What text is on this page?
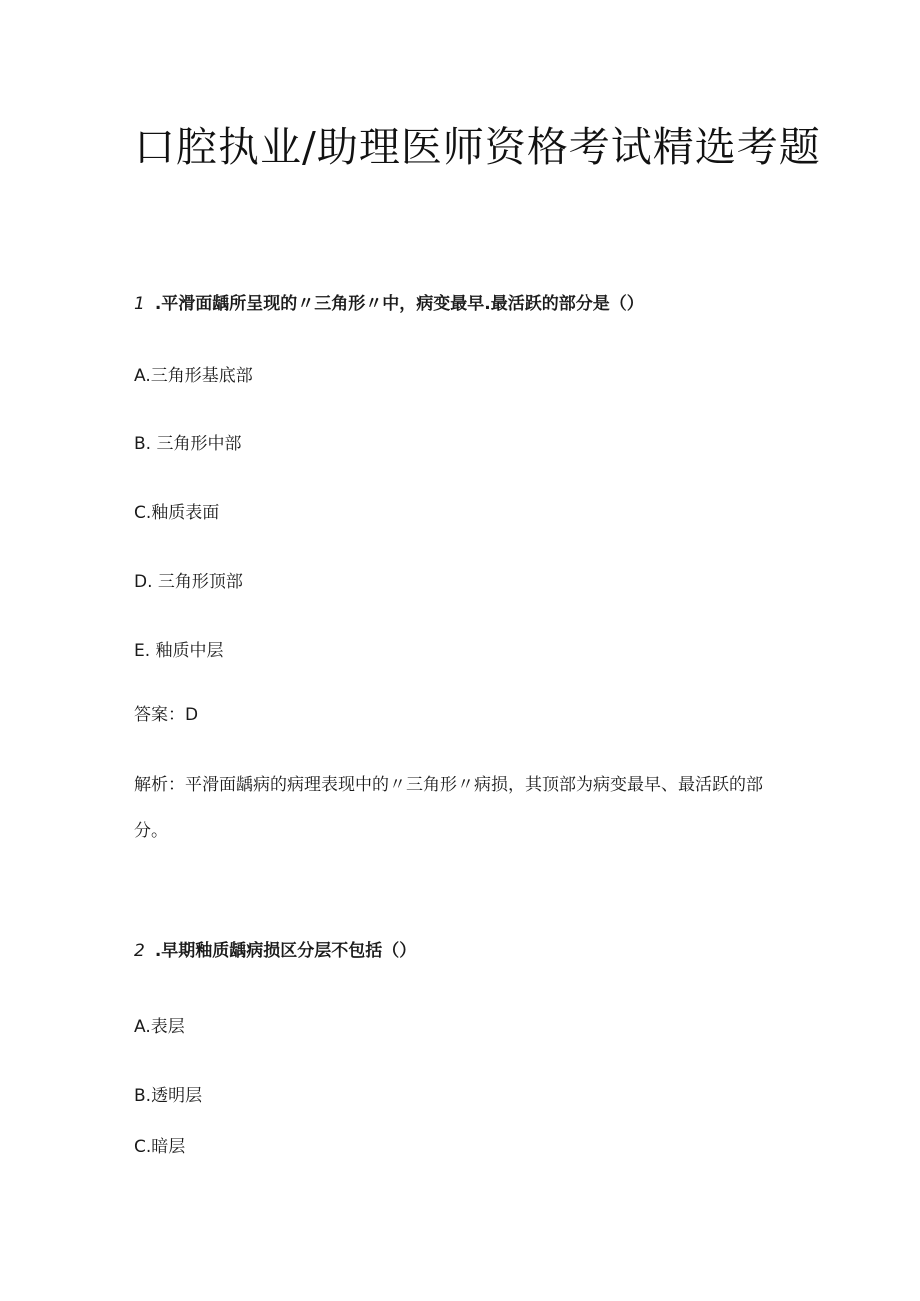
口腔执业/助理医师资格考试精选考题
1 .平滑面龋所呈现的〃三角形〃中，病变最早.最活跃的部分是（）
A.三角形基底部
B. 三角形中部
C.釉质表面
D. 三角形顶部
E. 釉质中层
答案：D
解析：平滑面龋病的病理表现中的〃三角形〃病损，其顶部为病变最早、最活跃的部分。
2 .早期釉质龋病损区分层不包括（）
A.表层
B.透明层
C.暗层
